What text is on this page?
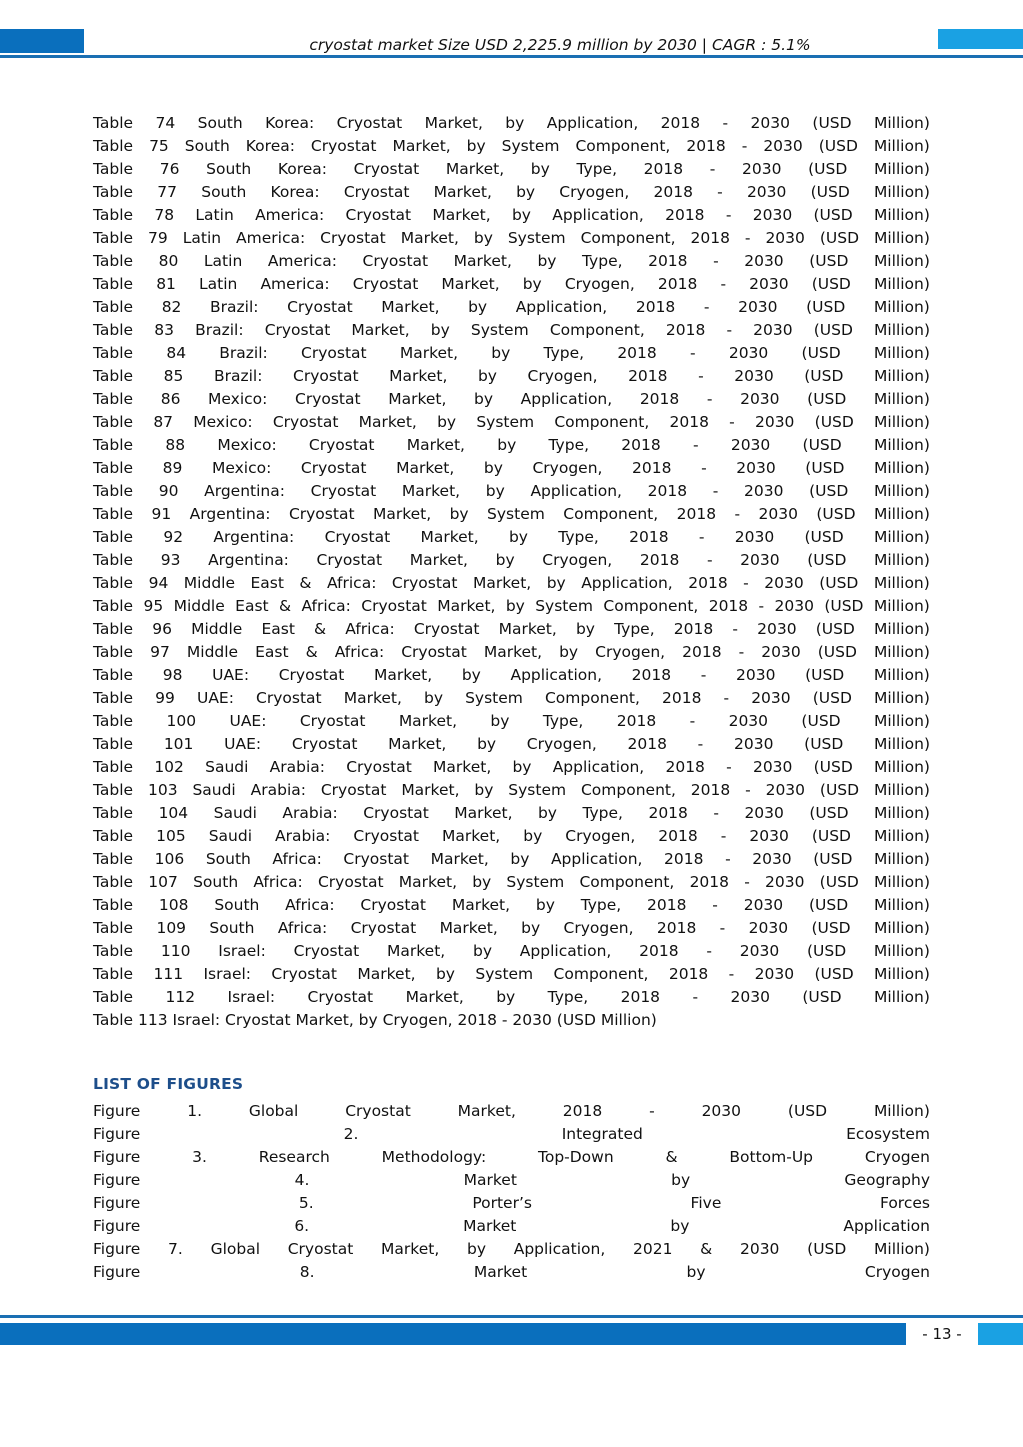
cryostat market Size USD 2,225.9 million by 2030 | CAGR : 5.1%
Table 74 South Korea: Cryostat Market, by Application, 2018 - 2030 (USD Million)
Table 75 South Korea: Cryostat Market, by System Component, 2018 - 2030 (USD Million)
Table 76 South Korea: Cryostat Market, by Type, 2018 - 2030 (USD Million)
Table 77 South Korea: Cryostat Market, by Cryogen, 2018 - 2030 (USD Million)
Table 78 Latin America: Cryostat Market, by Application, 2018 - 2030 (USD Million)
Table 79 Latin America: Cryostat Market, by System Component, 2018 - 2030 (USD Million)
Table 80 Latin America: Cryostat Market, by Type, 2018 - 2030 (USD Million)
Table 81 Latin America: Cryostat Market, by Cryogen, 2018 - 2030 (USD Million)
Table 82 Brazil: Cryostat Market, by Application, 2018 - 2030 (USD Million)
Table 83 Brazil: Cryostat Market, by System Component, 2018 - 2030 (USD Million)
Table 84 Brazil: Cryostat Market, by Type, 2018 - 2030 (USD Million)
Table 85 Brazil: Cryostat Market, by Cryogen, 2018 - 2030 (USD Million)
Table 86 Mexico: Cryostat Market, by Application, 2018 - 2030 (USD Million)
Table 87 Mexico: Cryostat Market, by System Component, 2018 - 2030 (USD Million)
Table 88 Mexico: Cryostat Market, by Type, 2018 - 2030 (USD Million)
Table 89 Mexico: Cryostat Market, by Cryogen, 2018 - 2030 (USD Million)
Table 90 Argentina: Cryostat Market, by Application, 2018 - 2030 (USD Million)
Table 91 Argentina: Cryostat Market, by System Component, 2018 - 2030 (USD Million)
Table 92 Argentina: Cryostat Market, by Type, 2018 - 2030 (USD Million)
Table 93 Argentina: Cryostat Market, by Cryogen, 2018 - 2030 (USD Million)
Table 94 Middle East & Africa: Cryostat Market, by Application, 2018 - 2030 (USD Million)
Table 95 Middle East & Africa: Cryostat Market, by System Component, 2018 - 2030 (USD Million)
Table 96 Middle East & Africa: Cryostat Market, by Type, 2018 - 2030 (USD Million)
Table 97 Middle East & Africa: Cryostat Market, by Cryogen, 2018 - 2030 (USD Million)
Table 98 UAE: Cryostat Market, by Application, 2018 - 2030 (USD Million)
Table 99 UAE: Cryostat Market, by System Component, 2018 - 2030 (USD Million)
Table 100 UAE: Cryostat Market, by Type, 2018 - 2030 (USD Million)
Table 101 UAE: Cryostat Market, by Cryogen, 2018 - 2030 (USD Million)
Table 102 Saudi Arabia: Cryostat Market, by Application, 2018 - 2030 (USD Million)
Table 103 Saudi Arabia: Cryostat Market, by System Component, 2018 - 2030 (USD Million)
Table 104 Saudi Arabia: Cryostat Market, by Type, 2018 - 2030 (USD Million)
Table 105 Saudi Arabia: Cryostat Market, by Cryogen, 2018 - 2030 (USD Million)
Table 106 South Africa: Cryostat Market, by Application, 2018 - 2030 (USD Million)
Table 107 South Africa: Cryostat Market, by System Component, 2018 - 2030 (USD Million)
Table 108 South Africa: Cryostat Market, by Type, 2018 - 2030 (USD Million)
Table 109 South Africa: Cryostat Market, by Cryogen, 2018 - 2030 (USD Million)
Table 110 Israel: Cryostat Market, by Application, 2018 - 2030 (USD Million)
Table 111 Israel: Cryostat Market, by System Component, 2018 - 2030 (USD Million)
Table 112 Israel: Cryostat Market, by Type, 2018 - 2030 (USD Million)
Table 113 Israel: Cryostat Market, by Cryogen, 2018 - 2030 (USD Million)
LIST OF FIGURES
Figure	1.	Global	Cryostat	Market,	2018	-	2030	(USD	Million)
Figure	2.	Integrated	Ecosystem
Figure	3.	Research	Methodology:	Top-Down	&	Bottom-Up	Cryogen
Figure	4.	Market	by	Geography
Figure	5.	Porter’s	Five	Forces
Figure	6.	Market	by	Application
Figure 7. Global Cryostat Market, by Application, 2021 & 2030 (USD Million)
Figure	8.	Market	by	Cryogen
- 13 -
